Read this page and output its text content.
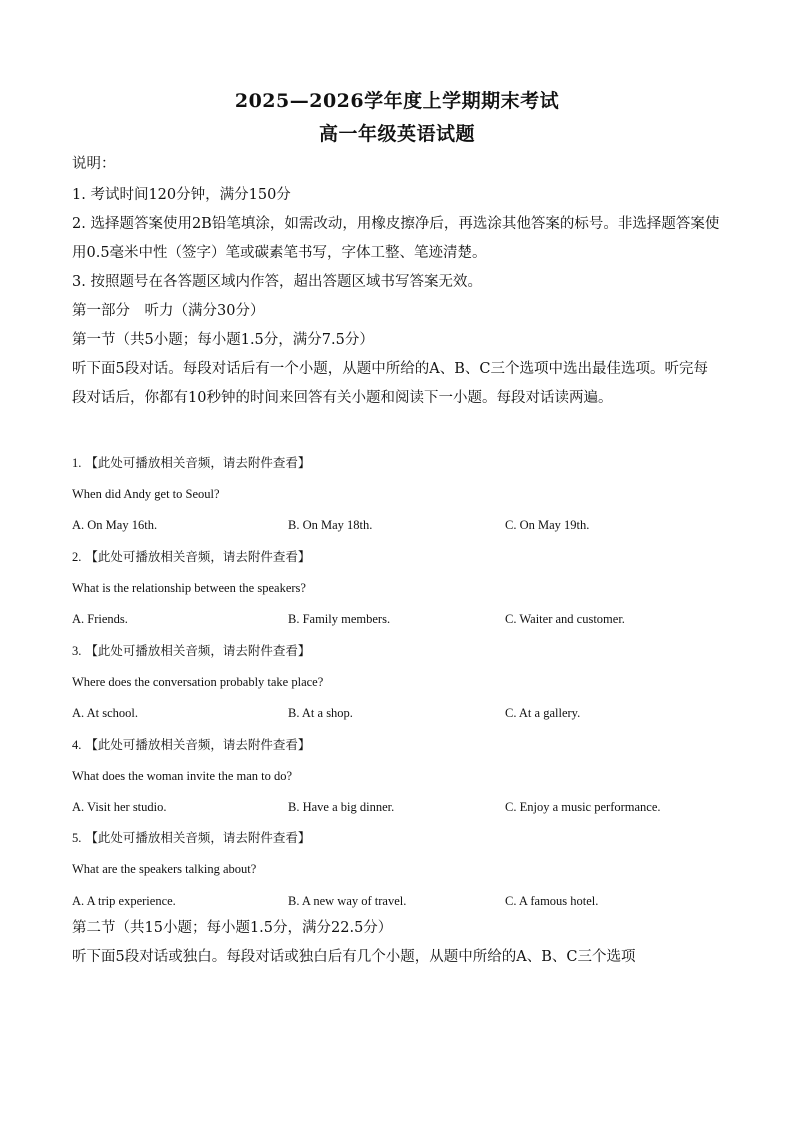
2025—2026学年度上学期期末考试
高一年级英语试题

说明：

1. 考试时间120分钟，满分150分

2. 选择题答案使用2B铅笔填涂，如需改动，用橡皮擦净后，再选涂其他答案的标号。非选择题答案使用0.5毫米中性（签字）笔或碳素笔书写，字体工整、笔迹清楚。

3. 按照题号在各答题区域内作答，超出答题区域书写答案无效。

第一部分　听力（满分30分）

第一节（共5小题；每小题1.5分，满分7.5分）

听下面5段对话。每段对话后有一个小题，从题中所给的A、B、C三个选项中选出最佳选项。听完每段对话后，你都有10秒钟的时间来回答有关小题和阅读下一小题。每段对话读两遍。

1. 【此处可播放相关音频，请去附件查看】

When did Andy get to Seoul?

A. On May 16th.	B. On May 18th.	C. On May 19th.
2. 【此处可播放相关音频，请去附件查看】

What is the relationship between the speakers?

A. Friends.	B. Family members.	C. Waiter and customer.
3. 【此处可播放相关音频，请去附件查看】

Where does the conversation probably take place?

A. At school.	B. At a shop.	C. At a gallery.
4. 【此处可播放相关音频，请去附件查看】

What does the woman invite the man to do?

A. Visit her studio.	B. Have a big dinner.	C. Enjoy a music performance.
5. 【此处可播放相关音频，请去附件查看】

What are the speakers talking about?

A. A trip experience.	B. A new way of travel.	C. A famous hotel.

第二节（共15小题；每小题1.5分，满分22.5分）

听下面5段对话或独白。每段对话或独白后有几个小题，从题中所给的A、B、C三个选项
